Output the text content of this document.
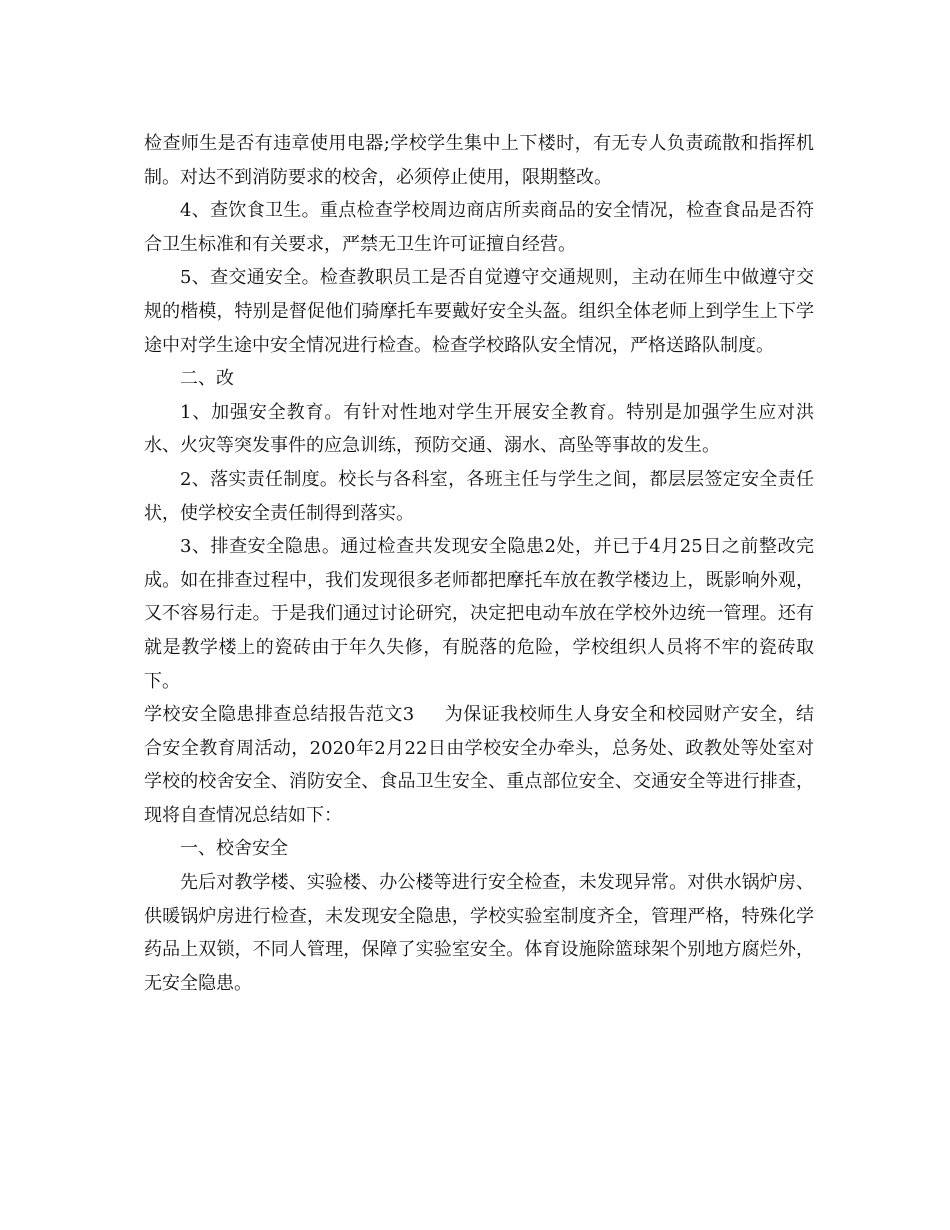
检查师生是否有违章使用电器;学校学生集中上下楼时，有无专人负责疏散和指挥机制。对达不到消防要求的校舍，必须停止使用，限期整改。

4、查饮食卫生。重点检查学校周边商店所卖商品的安全情况，检查食品是否符合卫生标准和有关要求，严禁无卫生许可证擅自经营。

5、查交通安全。检查教职员工是否自觉遵守交通规则，主动在师生中做遵守交规的楷模，特别是督促他们骑摩托车要戴好安全头盔。组织全体老师上到学生上下学途中对学生途中安全情况进行检查。检查学校路队安全情况，严格送路队制度。

二、改

1、加强安全教育。有针对性地对学生开展安全教育。特别是加强学生应对洪水、火灾等突发事件的应急训练，预防交通、溺水、高坠等事故的发生。

2、落实责任制度。校长与各科室，各班主任与学生之间，都层层签定安全责任状，使学校安全责任制得到落实。

3、排查安全隐患。通过检查共发现安全隐患2处，并已于4月25日之前整改完成。如在排查过程中，我们发现很多老师都把摩托车放在教学楼边上，既影响外观，又不容易行走。于是我们通过讨论研究，决定把电动车放在学校外边统一管理。还有就是教学楼上的瓷砖由于年久失修，有脱落的危险，学校组织人员将不牢的瓷砖取下。

学校安全隐患排查总结报告范文3 为保证我校师生人身安全和校园财产安全，结合安全教育周活动，2020年2月22日由学校安全办牵头，总务处、政教处等处室对学校的校舍安全、消防安全、食品卫生安全、重点部位安全、交通安全等进行排查，现将自查情况总结如下：

一、校舍安全

先后对教学楼、实验楼、办公楼等进行安全检查，未发现异常。对供水锅炉房、供暖锅炉房进行检查，未发现安全隐患，学校实验室制度齐全，管理严格，特殊化学药品上双锁，不同人管理，保障了实验室安全。体育设施除篮球架个别地方腐烂外，无安全隐患。
